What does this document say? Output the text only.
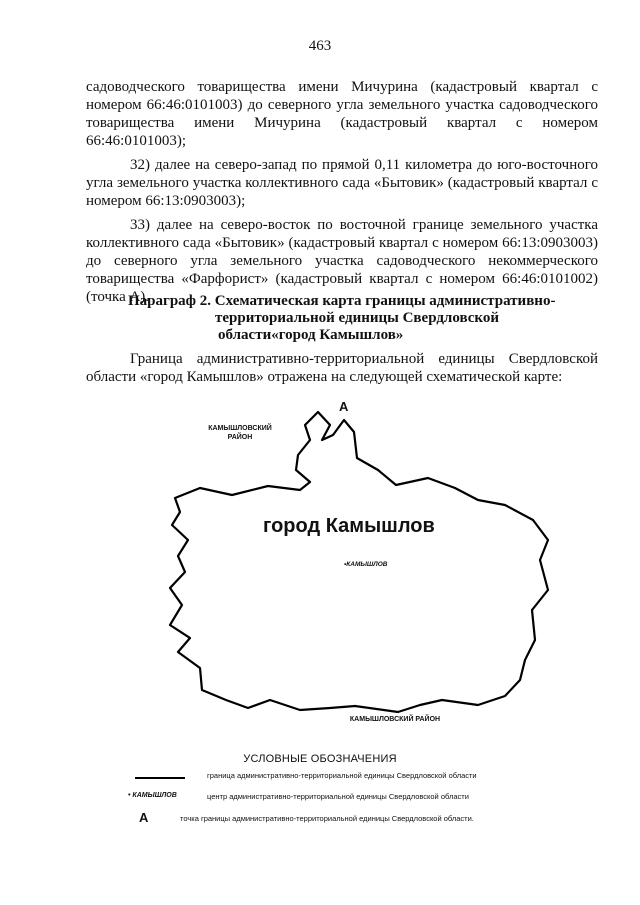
463

садоводческого товарищества имени Мичурина (кадастровый квартал с номером 66:46:0101003) до северного угла земельного участка садоводческого товарищества имени Мичурина (кадастровый квартал с номером 66:46:0101003);

32) далее на северо-запад по прямой 0,11 километра до юго-восточного угла земельного участка коллективного сада «Бытовик» (кадастровый квартал с номером 66:13:0903003);

33) далее на северо-восток по восточной границе земельного участка коллективного сада «Бытовик» (кадастровый квартал с номером 66:13:0903003) до северного угла земельного участка садоводческого некоммерческого товарищества «Фарфорист» (кадастровый квартал с номером 66:46:0101002) (точка А).

Параграф 2. Схематическая карта границы административно-
территориальной единицы Свердловской
области«город Камышлов»

Граница административно-территориальной единицы Свердловской области «город Камышлов» отражена на следующей схематической карте:

А
КАМЫШЛОВСКИЙ РАЙОН
город Камышлов
•КАМЫШЛОВ
КАМЫШЛОВСКИЙ РАЙОН
УСЛОВНЫЕ ОБОЗНАЧЕНИЯ
граница административно-территориальной единицы Свердловской области
• КАМЫШЛОВ	центр административно-территориальной единицы Свердловской области
А	точка границы административно-территориальной единицы Свердловской области.
